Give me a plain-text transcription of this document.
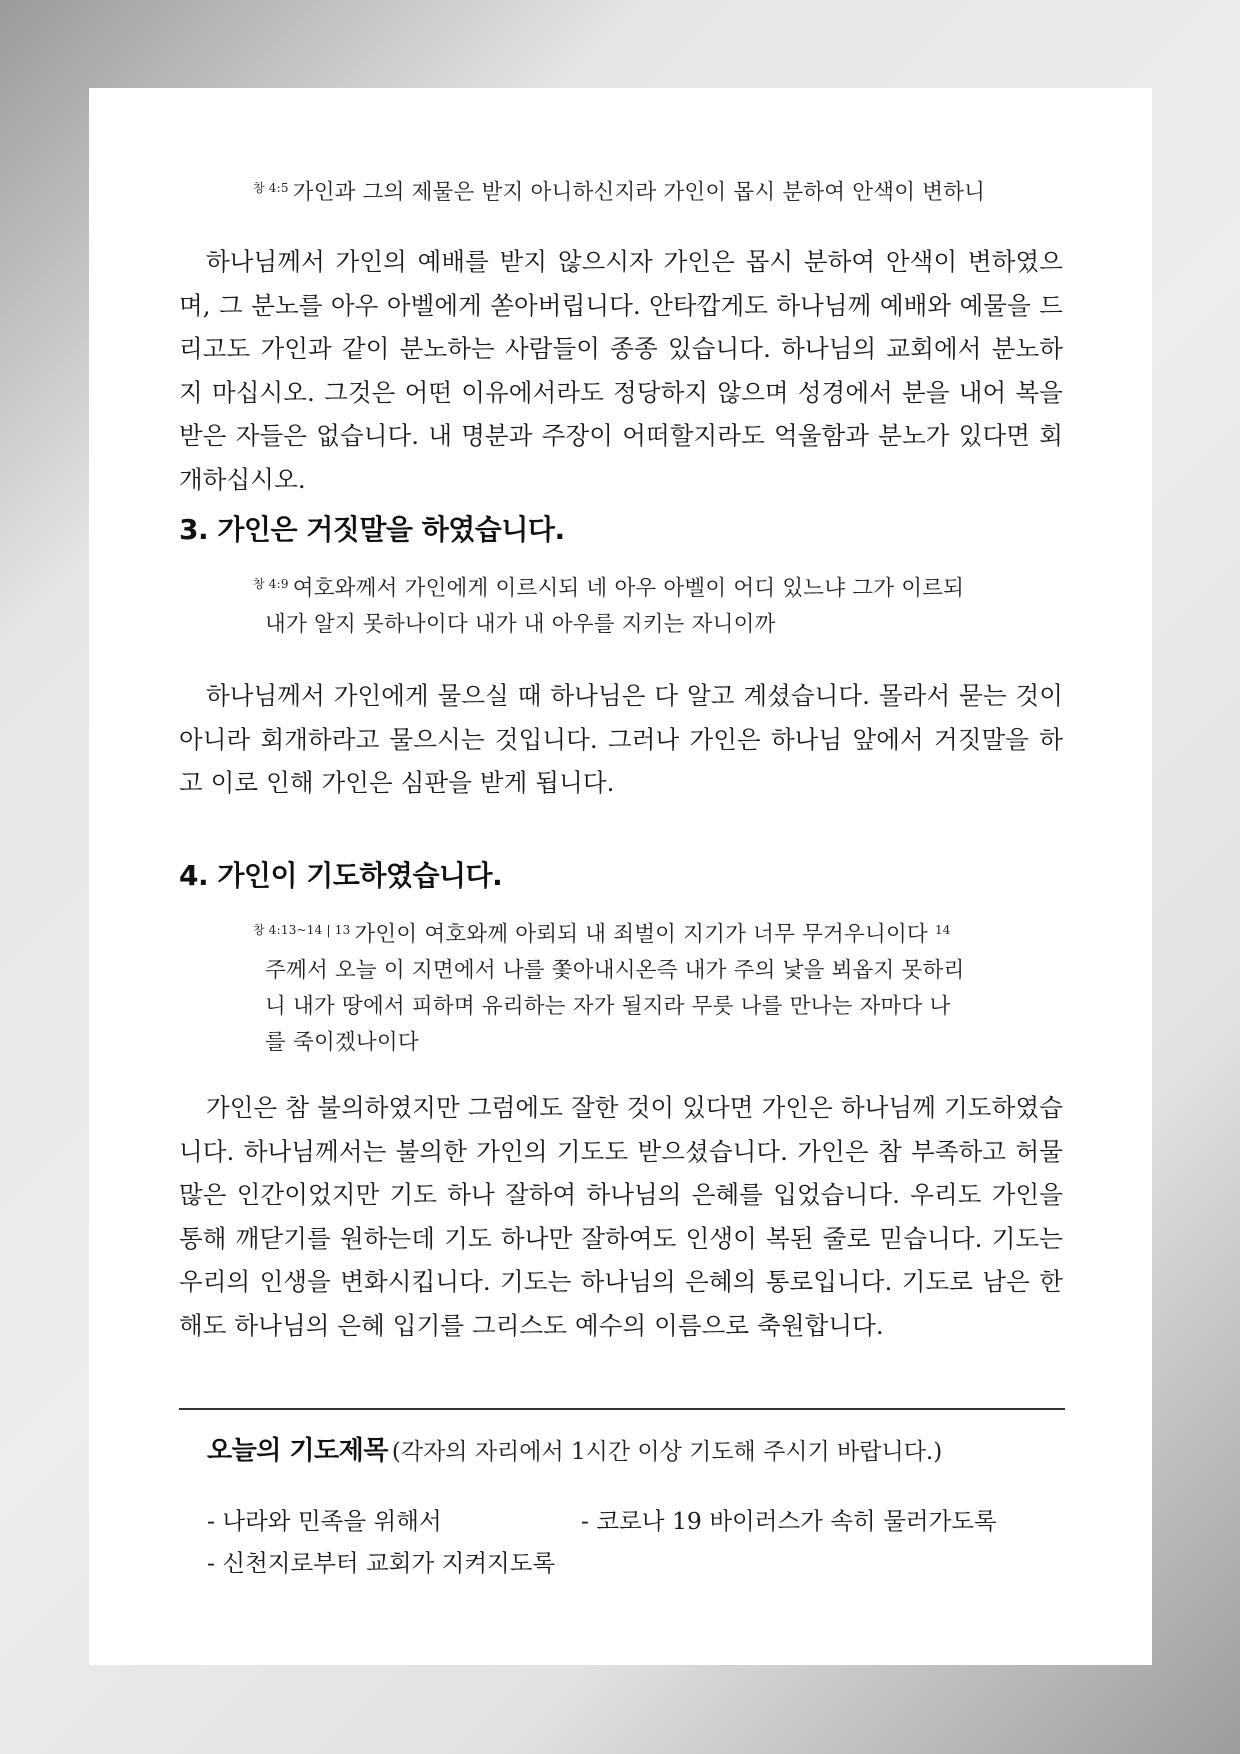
$^{창 4:5}$ 가인과 그의 제물은 받지 아니하신지라 가인이 몹시 분하여 안색이 변하니

하나님께서 가인의 예배를 받지 않으시자 가인은 몹시 분하여 안색이 변하였으며, 그 분노를 아우 아벨에게 쏟아버립니다. 안타깝게도 하나님께 예배와 예물을 드리고도 가인과 같이 분노하는 사람들이 종종 있습니다. 하나님의 교회에서 분노하지 마십시오. 그것은 어떤 이유에서라도 정당하지 않으며 성경에서 분을 내어 복을 받은 자들은 없습니다. 내 명분과 주장이 어떠할지라도 억울함과 분노가 있다면 회개하십시오.

3. 가인은 거짓말을 하였습니다.
$^{창 4:9}$ 여호와께서 가인에게 이르시되 네 아우 아벨이 어디 있느냐 그가 이르되
내가 알지 못하나이다 내가 내 아우를 지키는 자니이까

하나님께서 가인에게 물으실 때 하나님은 다 알고 계셨습니다. 몰라서 묻는 것이 아니라 회개하라고 물으시는 것입니다. 그러나 가인은 하나님 앞에서 거짓말을 하고 이로 인해 가인은 심판을 받게 됩니다.

4. 가인이 기도하였습니다.
$^{창 4:13\sim 14 | 13}$ 가인이 여호와께 아뢰되 내 죄벌이 지기가 너무 무거우니이다 $^{14}$
주께서 오늘 이 지면에서 나를 쫓아내시온즉 내가 주의 낯을 뵈옵지 못하리
니 내가 땅에서 피하며 유리하는 자가 될지라 무릇 나를 만나는 자마다 나
를 죽이겠나이다

가인은 참 불의하였지만 그럼에도 잘한 것이 있다면 가인은 하나님께 기도하였습니다. 하나님께서는 불의한 가인의 기도도 받으셨습니다. 가인은 참 부족하고 허물 많은 인간이었지만 기도 하나 잘하여 하나님의 은혜를 입었습니다. 우리도 가인을 통해 깨닫기를 원하는데 기도 하나만 잘하여도 인생이 복된 줄로 믿습니다. 기도는 우리의 인생을 변화시킵니다. 기도는 하나님의 은혜의 통로입니다. 기도로 남은 한 해도 하나님의 은혜 입기를 그리스도 예수의 이름으로 축원합니다.

오늘의 기도제목 (각자의 자리에서 1시간 이상 기도해 주시기 바랍니다.)
- 나라와 민족을 위해서	- 코로나 19 바이러스가 속히 물러가도록
- 신천지로부터 교회가 지켜지도록
